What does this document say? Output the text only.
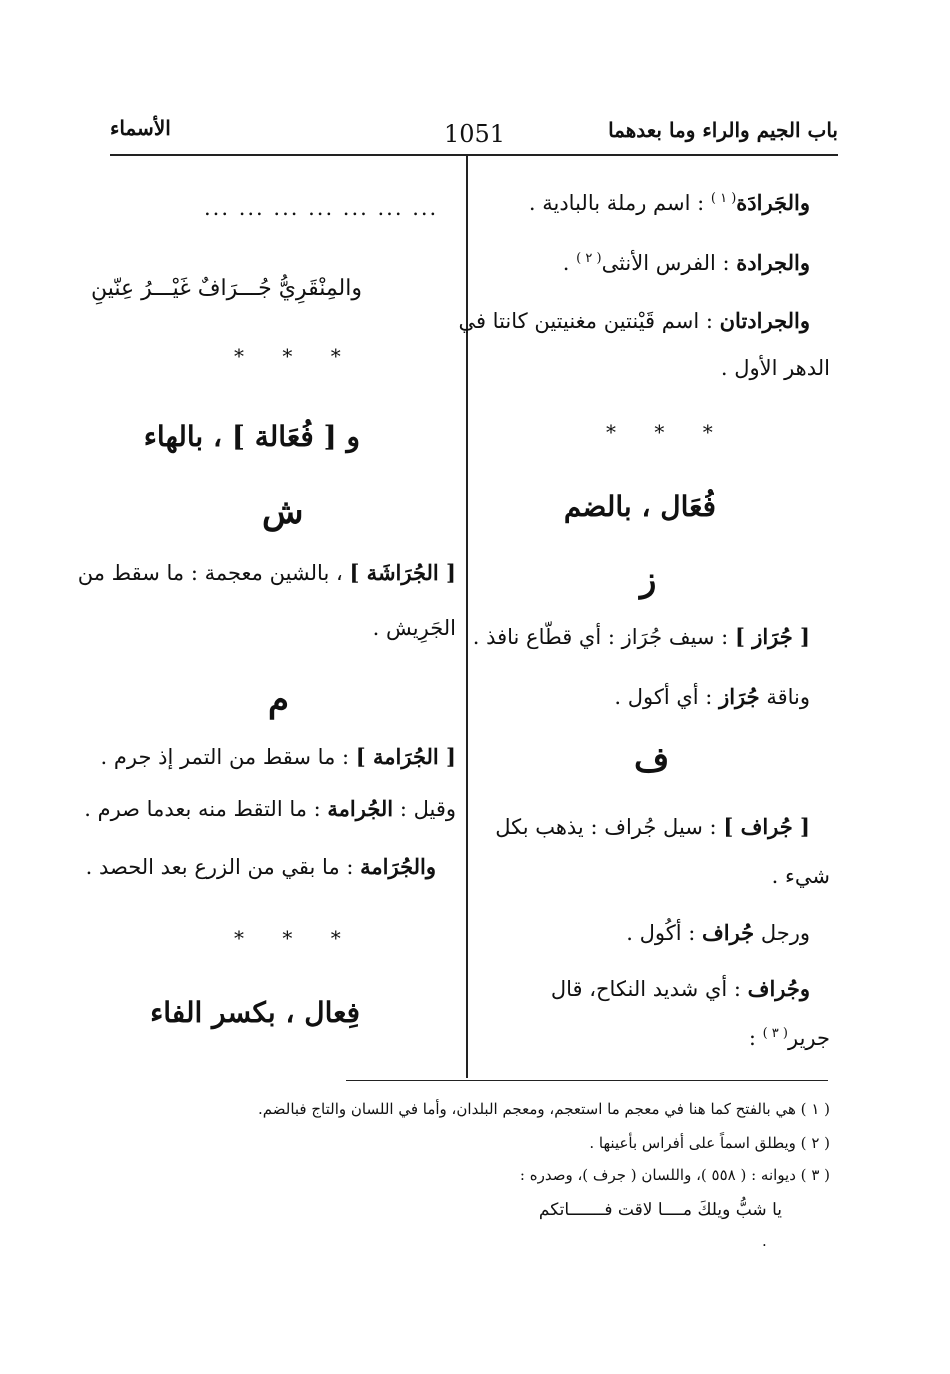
باب الجيم والراء وما بعدهما
1051
الأسماء
والجَرادَة$^{( ١ )}$ : اسم رملة بالبادية .
والجرادة : الفرس الأنثى$^{( ٢ )}$ .
والجرادتان : اسم قَيْنتين مغنيتين كانتا في
الدهر الأول .
* * *
فُعَال ، بالضم
ز
[ جُرَاز ] : سيف جُرَاز : أي قطّاع نافذ .
وناقة جُرَاز : أي أكول .
ف
[ جُراف ] : سيل جُراف : يذهب بكل
شيء .
ورجل جُراف : أكُول .
وجُراف : أي شديد النكاح، قال
جرير$^{( ٣ )}$ :
... ... ... ... ... ... ...
والمِنْقَرِيُّ جُـــرَافٌ غَيْـــرُ عِنّينِ
* * *
و [ فُعَالة ] ، بالهاء
ش
[ الجُرَاشَة ] ، بالشين معجمة : ما سقط من
الجَرِيش .
م
[ الجُرَامة ] : ما سقط من التمر إذ جرم .
وقيل : الجُرامة : ما التقط منه بعدما صرم .
والجُرَامة : ما بقي من الزرع بعد الحصد .
* * *
فِعال ، بكسر الفاء
( ١ ) هي بالفتح كما هنا في معجم ما استعجم، ومعجم البلدان، وأما في اللسان والتاج فبالضم.
( ٢ ) ويطلق اسماً على أفراس بأعينها .
( ٣ ) ديوانه : ( ٥٥٨ )، واللسان ( جرف )، وصدره :
يا شبُّ ويلكَ مــــا لاقت فـــــــاتكم
.
